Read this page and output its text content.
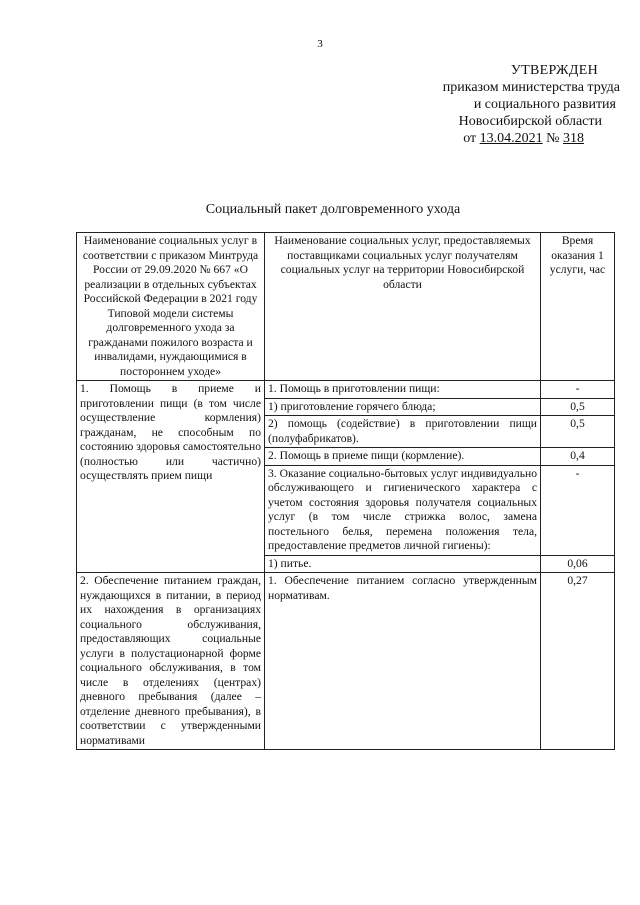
3
УТВЕРЖДЕН
приказом министерства труда
и социального развития
Новосибирской области
от 13.04.2021 № 318
Социальный пакет долговременного ухода
Наименование социальных услуг в соответствии с приказом Минтруда России от 29.09.2020 № 667 «О реализации в отдельных субъектах Российской Федерации в 2021 году Типовой модели системы долговременного ухода за гражданами пожилого возраста и инвалидами, нуждающимися в постороннем уходе»	Наименование социальных услуг, предоставляемых поставщиками социальных услуг получателям социальных услуг на территории Новосибирской области	Время оказания 1 услуги, час
1. Помощь в приеме и приготовлении пищи (в том числе осуществление кормления) гражданам, не способным по состоянию здоровья самостоятельно (полностью или частично) осуществлять прием пищи	1. Помощь в приготовлении пищи:	-
	1) приготовление горячего блюда;	0,5
	2) помощь (содействие) в приготовлении пищи (полуфабрикатов).	0,5
	2. Помощь в приеме пищи (кормление).	0,4
	3. Оказание социально-бытовых услуг индивидуально обслуживающего и гигиенического характера с учетом состояния здоровья получателя социальных услуг (в том числе стрижка волос, замена постельного белья, перемена положения тела, предоставление предметов личной гигиены):	-
	1) питье.	0,06
2. Обеспечение питанием граждан, нуждающихся в питании, в период их нахождения в организациях социального обслуживания, предоставляющих социальные услуги в полустационарной форме социального обслуживания, в том числе в отделениях (центрах) дневного пребывания (далее – отделение дневного пребывания), в соответствии с утвержденными нормативами	1. Обеспечение питанием согласно утвержденным нормативам.	0,27
